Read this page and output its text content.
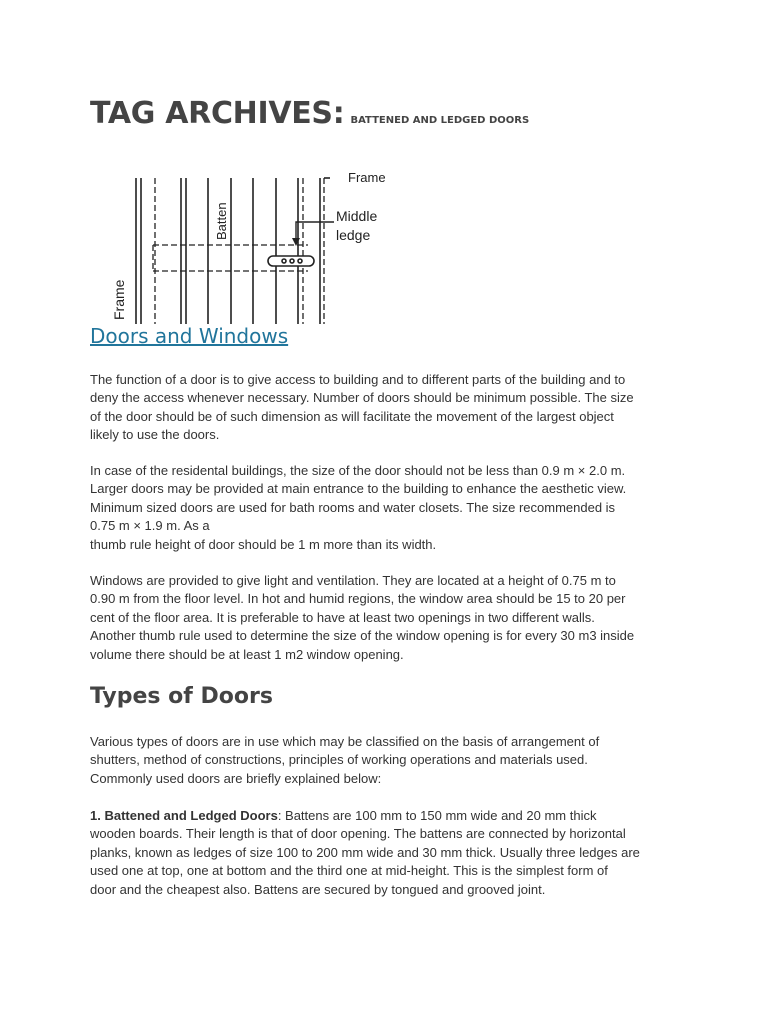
TAG ARCHIVES: BATTENED AND LEDGED DOORS
Frame
Middle
ledge
Batten
Frame
Doors and Windows

The function of a door is to give access to building and to different parts of the building and to
deny the access whenever necessary. Number of doors should be minimum possible. The size
of the door should be of such dimension as will facilitate the movement of the largest object
likely to use the doors.

In case of the residental buildings, the size of the door should not be less than 0.9 m × 2.0 m.
Larger doors may be provided at main entrance to the building to enhance the aesthetic view.
Minimum sized doors are used for bath rooms and water closets. The size recommended is
0.75 m × 1.9 m. As a
thumb rule height of door should be 1 m more than its width.

Windows are provided to give light and ventilation. They are located at a height of 0.75 m to
0.90 m from the floor level. In hot and humid regions, the window area should be 15 to 20 per
cent of the floor area. It is preferable to have at least two openings in two different walls.
Another thumb rule used to determine the size of the window opening is for every 30 m3 inside
volume there should be at least 1 m2 window opening.

Types of Doors

Various types of doors are in use which may be classified on the basis of arrangement of
shutters, method of constructions, principles of working operations and materials used.
Commonly used doors are briefly explained below:

1. Battened and Ledged Doors: Battens are 100 mm to 150 mm wide and 20 mm thick
wooden boards. Their length is that of door opening. The battens are connected by horizontal
planks, known as ledges of size 100 to 200 mm wide and 30 mm thick. Usually three ledges are
used one at top, one at bottom and the third one at mid-height. This is the simplest form of
door and the cheapest also. Battens are secured by tongued and grooved joint.
